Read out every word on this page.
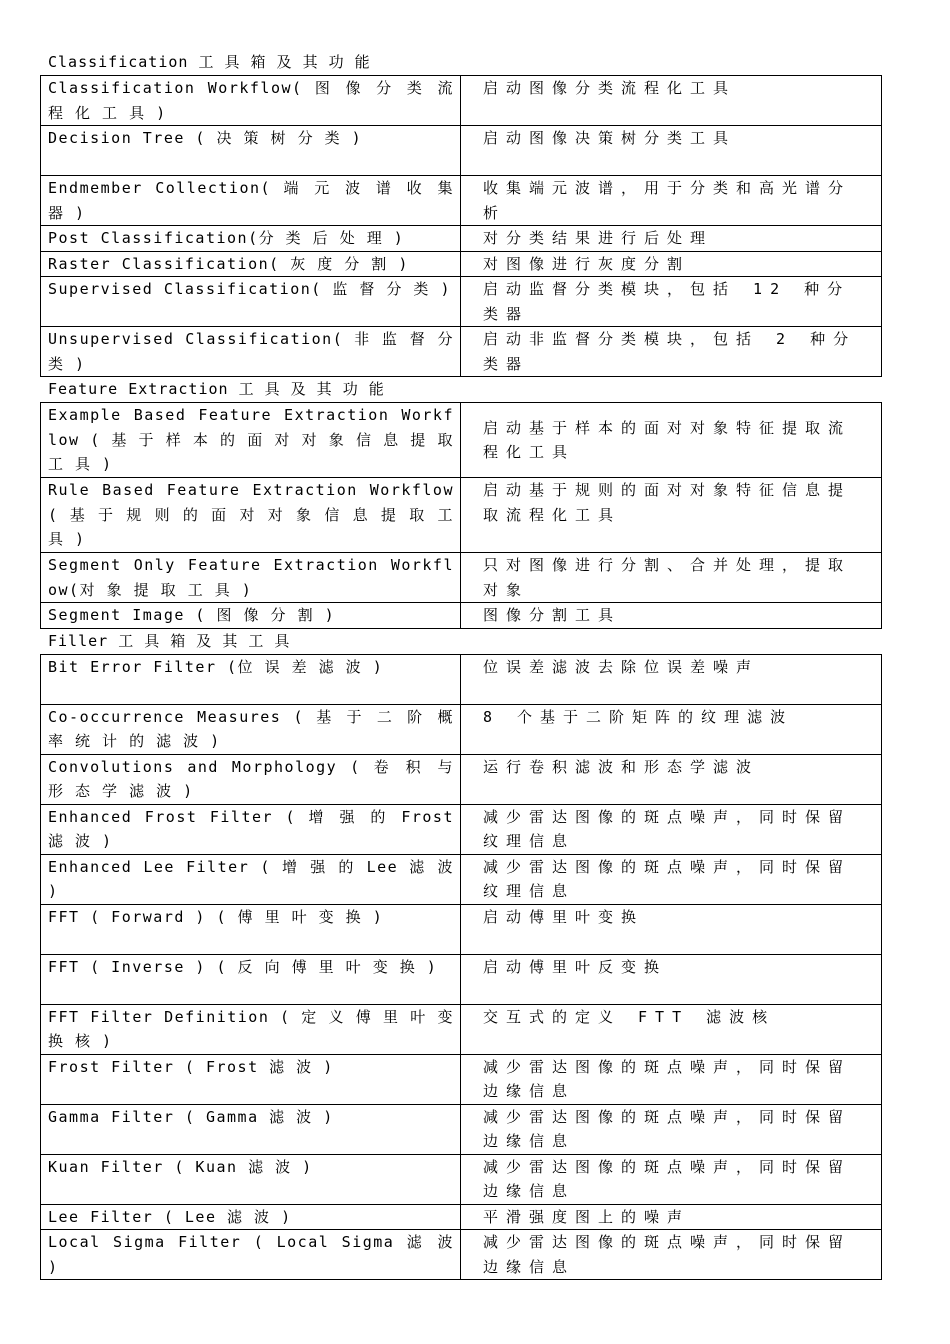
Classification 工 具 箱 及 其 功 能
Classification Workflow( 图 像 分 类 流 程 化 工 具 )	启动图像分类流程化工具
Decision Tree ( 决 策 树 分 类 )	启动图像决策树分类工具
Endmember Collection( 端 元 波 谱 收 集 器 )	收集端元波谱，用于分类和高光谱分析
Post Classification(分 类 后 处 理 )	对分类结果进行后处理
Raster Classification( 灰 度 分 割 )	对图像进行灰度分割
Supervised Classification( 监 督 分 类 )	启动监督分类模块，包括 12 种分类器
Unsupervised Classification( 非 监 督 分 类 )	启动非监督分类模块，包括 2 种分类器
Feature Extraction 工 具 及 其 功 能
Example Based Feature Extraction Workflow ( 基 于 样 本 的 面 对 对 象 信 息 提 取 工 具 )	启动基于样本的面对对象特征提取流程化工具
Rule Based Feature Extraction Workflow ( 基 于 规 则 的 面 对 对 象 信 息 提 取 工 具 )	启动基于规则的面对对象特征信息提取流程化工具
Segment Only Feature Extraction Workflow(对 象 提 取 工 具 )	只对图像进行分割、合并处理，提取对象
Segment Image ( 图 像 分 割 )	图像分割工具
Filler 工 具 箱 及 其 工 具
Bit Error Filter (位 误 差 滤 波 )	位误差滤波去除位误差噪声
Co-occurrence Measures ( 基 于 二 阶 概 率 统 计 的 滤 波 )	8 个基于二阶矩阵的纹理滤波
Convolutions and Morphology ( 卷 积 与 形 态 学 滤 波 )	运行卷积滤波和形态学滤波
Enhanced Frost Filter ( 增 强 的 Frost 滤 波 )	减少雷达图像的斑点噪声，同时保留纹理信息
Enhanced Lee Filter ( 增 强 的 Lee 滤 波 )	减少雷达图像的斑点噪声，同时保留纹理信息
FFT ( Forward ) ( 傅 里 叶 变 换 )	启动傅里叶变换
FFT ( Inverse ) ( 反 向 傅 里 叶 变 换 )	启动傅里叶反变换
FFT Filter Definition ( 定 义 傅 里 叶 变 换 核 )	交互式的定义 FTT 滤波核
Frost Filter ( Frost 滤 波 )	减少雷达图像的斑点噪声，同时保留边缘信息
Gamma Filter ( Gamma 滤 波 )	减少雷达图像的斑点噪声，同时保留边缘信息
Kuan Filter ( Kuan 滤 波 )	减少雷达图像的斑点噪声，同时保留边缘信息
Lee Filter ( Lee 滤 波 )	平滑强度图上的噪声
Local Sigma Filter ( Local Sigma 滤 波 )	减少雷达图像的斑点噪声，同时保留边缘信息
